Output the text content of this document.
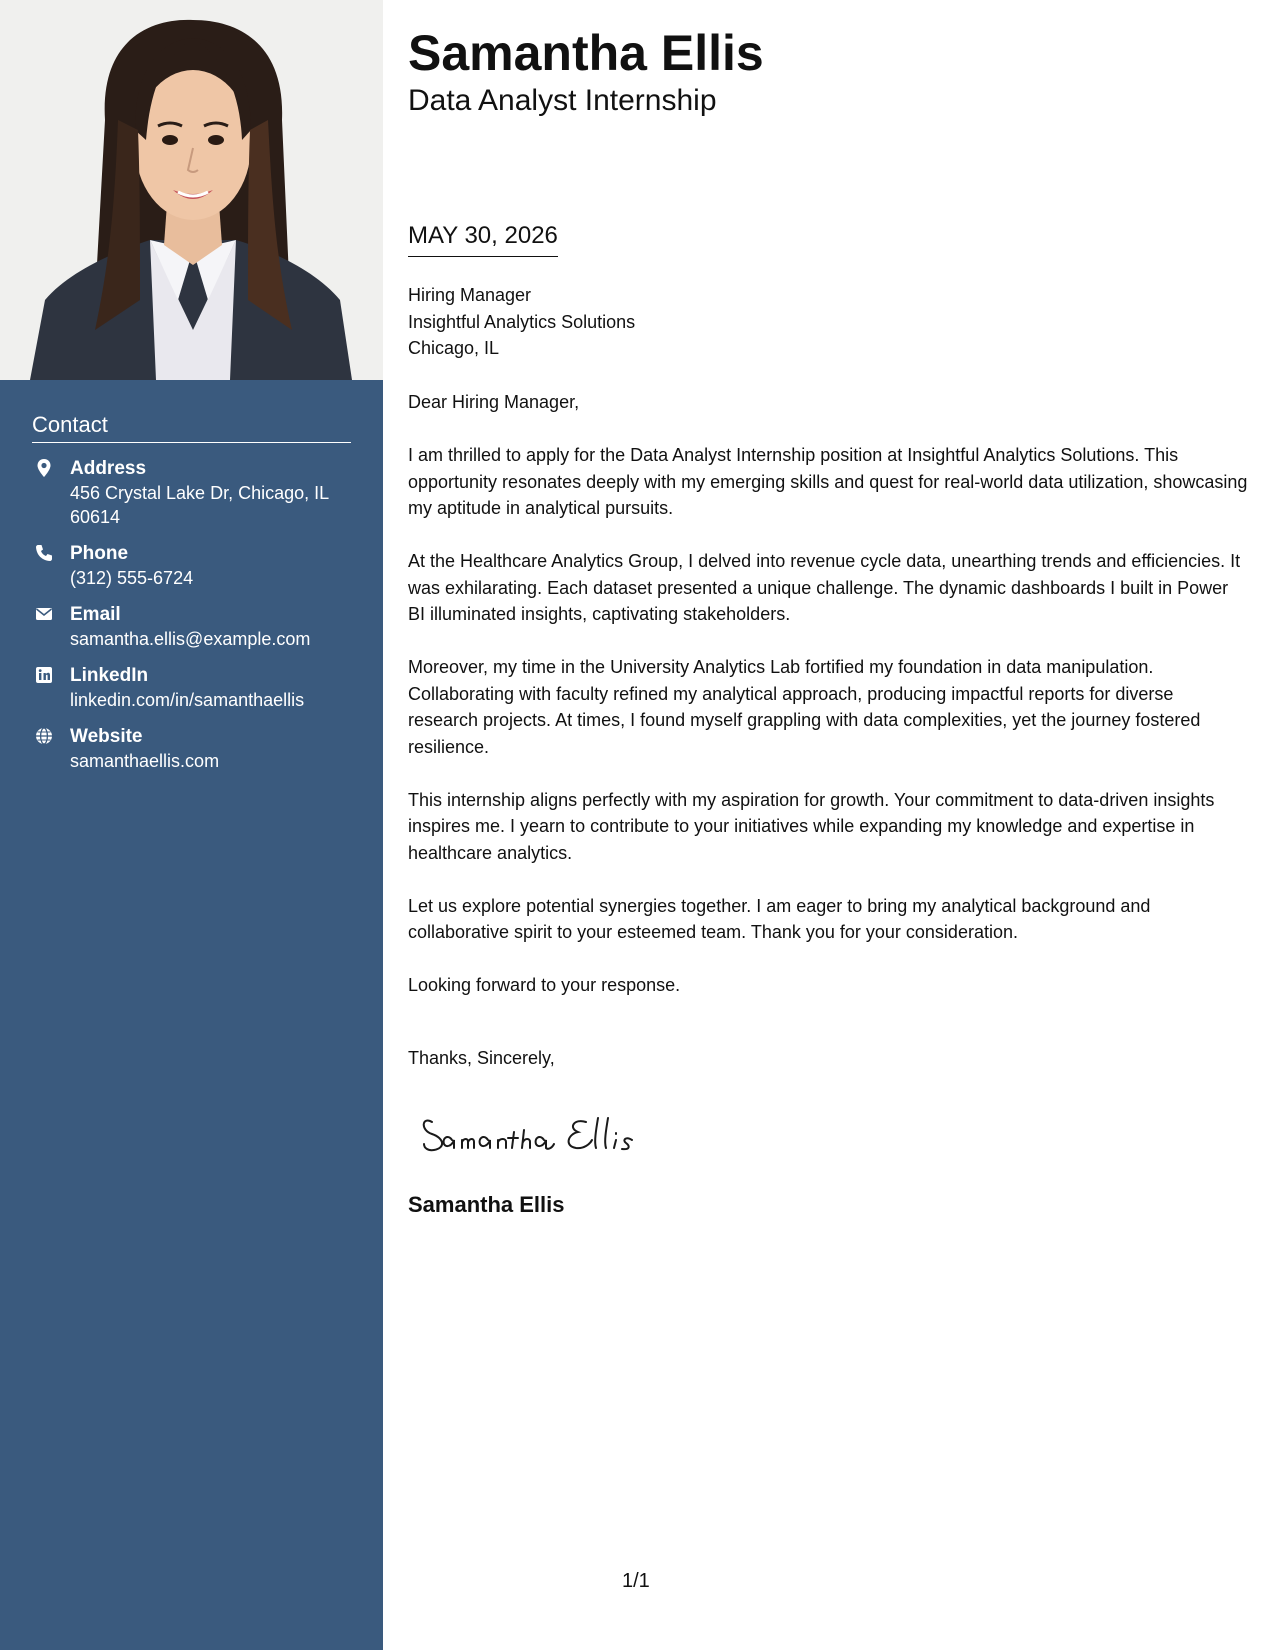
Contact
Address
456 Crystal Lake Dr, Chicago, IL 60614
Phone
(312) 555-6724
Email
samantha.ellis@example.com
LinkedIn
linkedin.com/in/samanthaellis
Website
samanthaellis.com
Samantha Ellis
Data Analyst Internship
MAY 30, 2026
Hiring Manager
Insightful Analytics Solutions
Chicago, IL

Dear Hiring Manager,

I am thrilled to apply for the Data Analyst Internship position at Insightful Analytics Solutions. This opportunity resonates deeply with my emerging skills and quest for real-world data utilization, showcasing my aptitude in analytical pursuits.

At the Healthcare Analytics Group, I delved into revenue cycle data, unearthing trends and efficiencies. It was exhilarating. Each dataset presented a unique challenge. The dynamic dashboards I built in Power BI illuminated insights, captivating stakeholders.

Moreover, my time in the University Analytics Lab fortified my foundation in data manipulation. Collaborating with faculty refined my analytical approach, producing impactful reports for diverse research projects. At times, I found myself grappling with data complexities, yet the journey fostered resilience.

This internship aligns perfectly with my aspiration for growth. Your commitment to data-driven insights inspires me. I yearn to contribute to your initiatives while expanding my knowledge and expertise in healthcare analytics.

Let us explore potential synergies together. I am eager to bring my analytical background and collaborative spirit to your esteemed team. Thank you for your consideration.

Looking forward to your response.

Thanks, Sincerely,
Samantha Ellis
1/1
